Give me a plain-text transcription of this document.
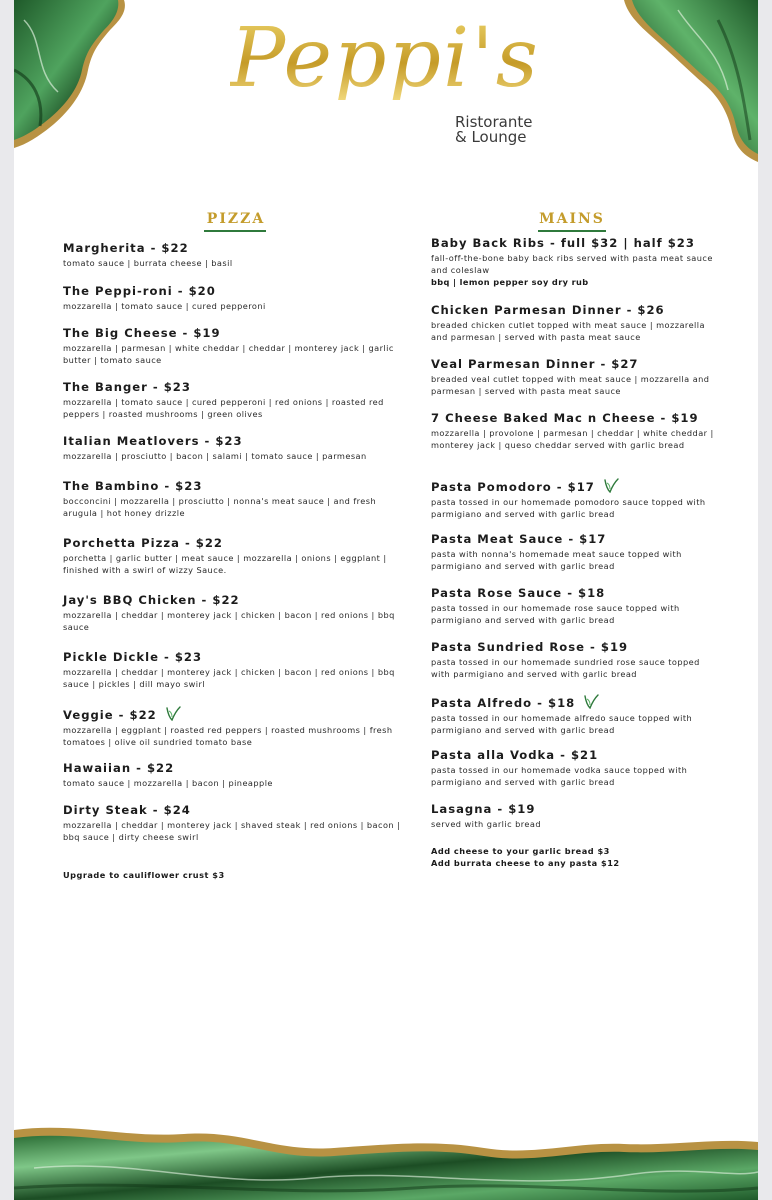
Peppi's
Ristorante
& Lounge
PIZZA	MAINS
Margherita - $22
tomato sauce | burrata cheese | basil
The Peppi-roni - $20
mozzarella | tomato sauce | cured pepperoni
The Big Cheese - $19
mozzarella | parmesan | white cheddar | cheddar | monterey jack | garlic butter | tomato sauce
The Banger - $23
mozzarella | tomato sauce | cured pepperoni | red onions | roasted red peppers | roasted mushrooms | green olives
Italian Meatlovers - $23
mozzarella | prosciutto | bacon | salami | tomato sauce | parmesan
The Bambino - $23
bocconcini | mozzarella | prosciutto | nonna's meat sauce | and fresh arugula | hot honey drizzle
Porchetta Pizza - $22
porchetta | garlic butter | meat sauce | mozzarella | onions | eggplant | finished with a swirl of wizzy Sauce.
Jay's BBQ Chicken - $22
mozzarella | cheddar | monterey jack | chicken | bacon | red onions | bbq sauce
Pickle Dickle - $23
mozzarella | cheddar | monterey jack | chicken | bacon | red onions | bbq sauce | pickles | dill mayo swirl
Veggie - $22
mozzarella | eggplant | roasted red peppers | roasted mushrooms | fresh tomatoes | olive oil sundried tomato base
Hawaiian - $22
tomato sauce | mozzarella | bacon | pineapple
Dirty Steak - $24
mozzarella | cheddar | monterey jack | shaved steak | red onions | bacon | bbq sauce | dirty cheese swirl
Upgrade to cauliflower crust $3
Baby Back Ribs - full $32 | half $23
fall-off-the-bone baby back ribs served with pasta meat sauce and coleslaw
bbq | lemon pepper soy dry rub
Chicken Parmesan Dinner - $26
breaded chicken cutlet topped with meat sauce | mozzarella and parmesan | served with pasta meat sauce
Veal Parmesan Dinner - $27
breaded veal cutlet topped with meat sauce | mozzarella and parmesan | served with pasta meat sauce
7 Cheese Baked Mac n Cheese - $19
mozzarella | provolone | parmesan | cheddar | white cheddar | monterey jack | queso cheddar served with garlic bread
Pasta Pomodoro - $17
pasta tossed in our homemade pomodoro sauce topped with parmigiano and served with garlic bread
Pasta Meat Sauce - $17
pasta with nonna's homemade meat sauce topped with parmigiano and served with garlic bread
Pasta Rose Sauce - $18
pasta tossed in our homemade rose sauce topped with parmigiano and served with garlic bread
Pasta Sundried Rose - $19
pasta tossed in our homemade sundried rose sauce topped with parmigiano and served with garlic bread
Pasta Alfredo - $18
pasta tossed in our homemade alfredo sauce topped with parmigiano and served with garlic bread
Pasta alla Vodka - $21
pasta tossed in our homemade vodka sauce topped with parmigiano and served with garlic bread
Lasagna - $19
served with garlic bread
Add cheese to your garlic bread $3
Add burrata cheese to any pasta $12
